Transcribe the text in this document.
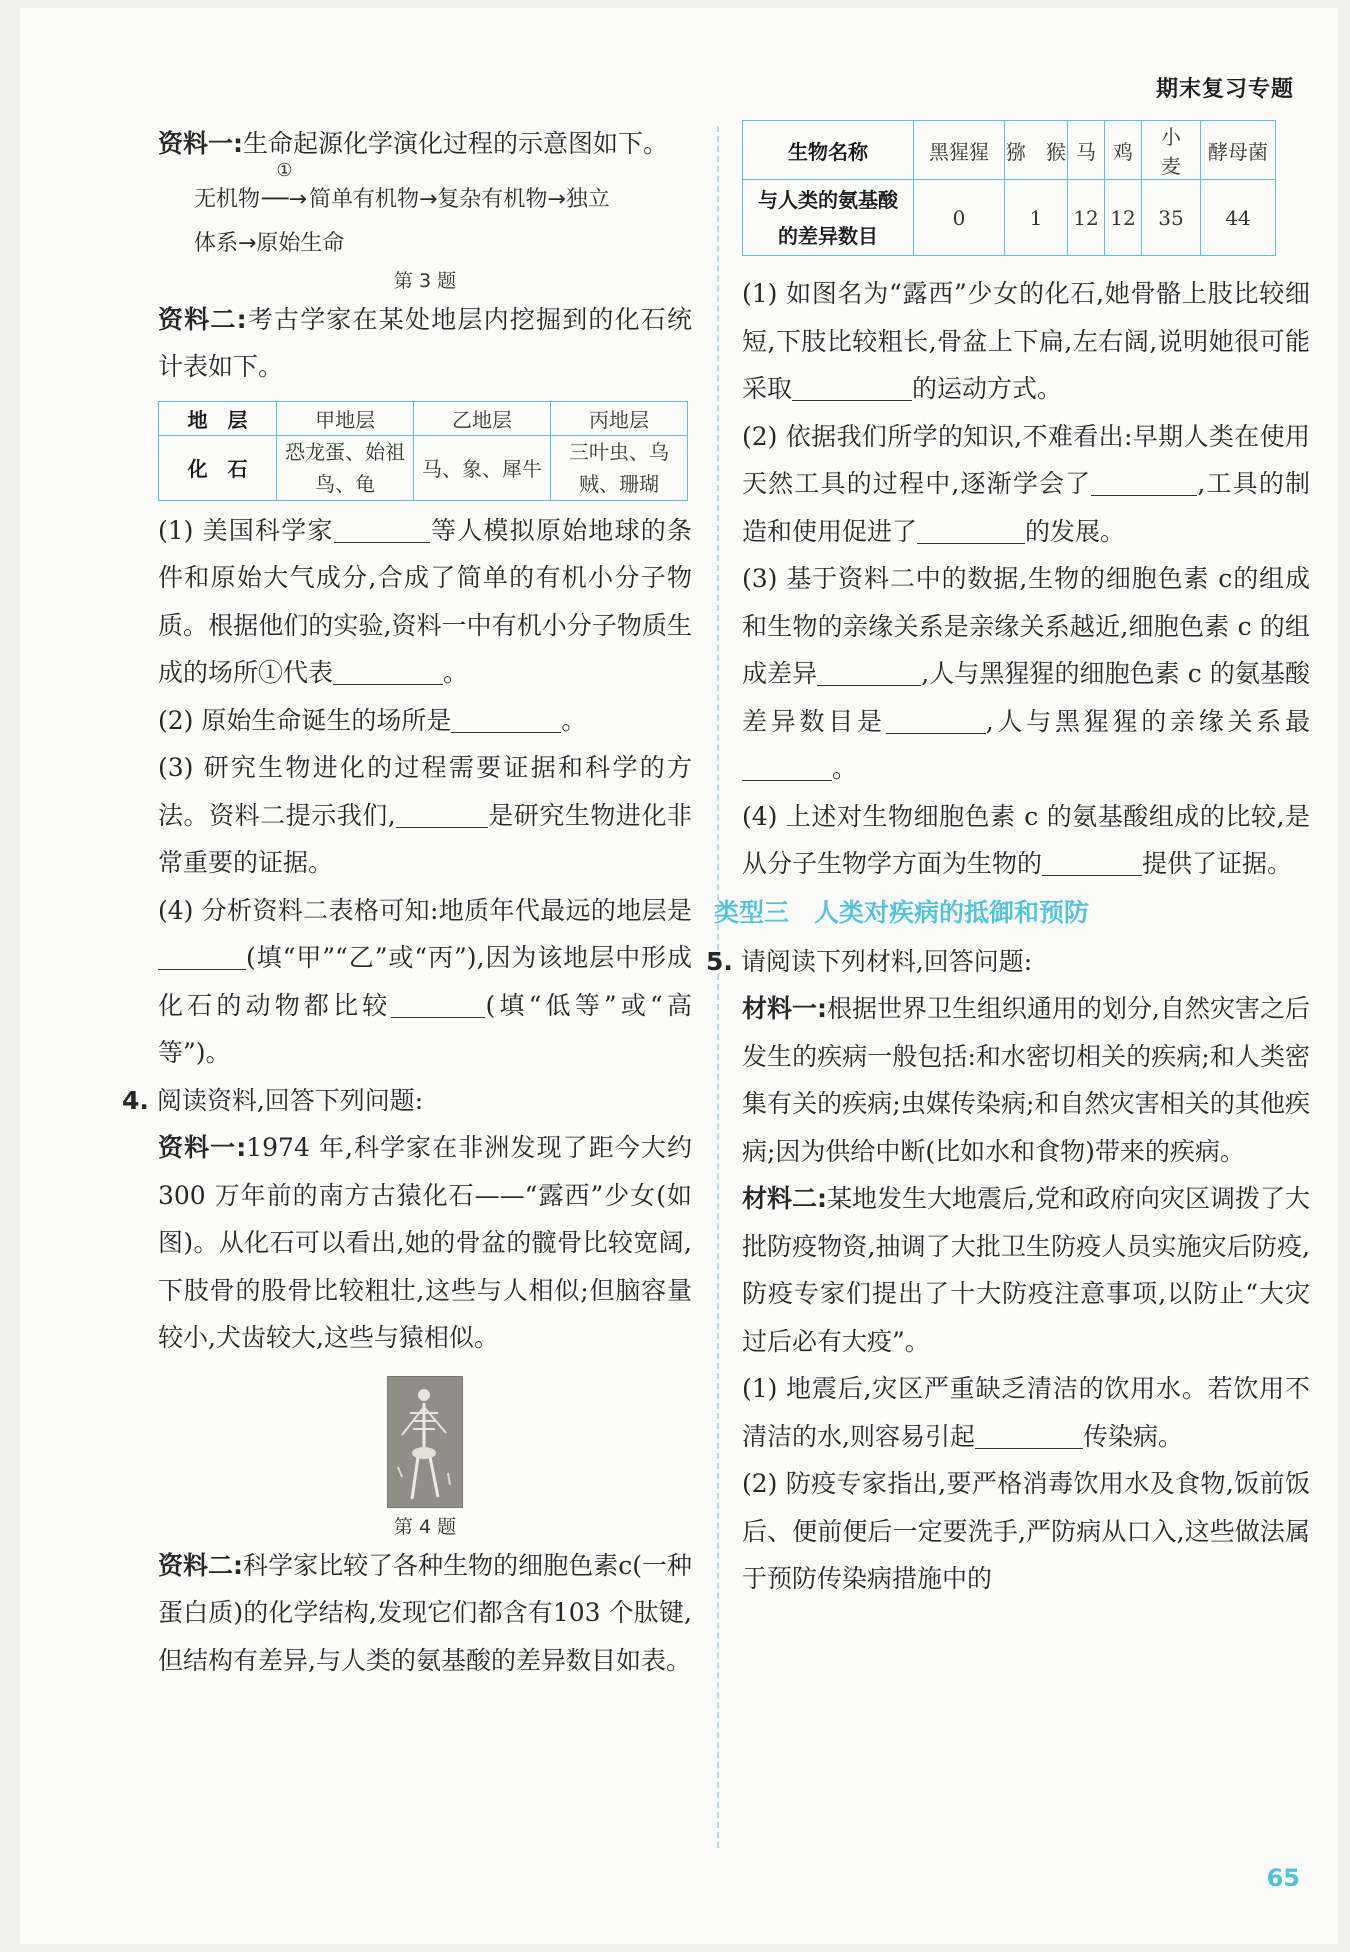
期末复习专题

资料一:生命起源化学演化过程的示意图如下。

无机物
①
──→简单有机物→复杂有机物→独立
体系→原始生命
第 3 题

资料二:考古学家在某处地层内挖掘到的化石统计表如下。

地　层	甲地层	乙地层	丙地层
化　石	恐龙蛋、始祖鸟、龟	马、象、犀牛	三叶虫、乌贼、珊瑚

(1) 美国科学家	等人模拟原始地球的条件和原始大气成分,合成了简单的有机小分子物质。根据他们的实验,资料一中有机小分子物质生成的场所①代表	。

(2) 原始生命诞生的场所是	。

(3) 研究生物进化的过程需要证据和科学的方法。资料二提示我们,	是研究生物进化非常重要的证据。

(4) 分析资料二表格可知:地质年代最远的地层是(填“甲”“乙”或“丙”),因为该地层中形成化石的动物都比较	(填“低等”或“高等”)。

4. 阅读资料,回答下列问题:

资料一:1974 年,科学家在非洲发现了距今大约 300 万年前的南方古猿化石——“露西”少女(如图)。从化石可以看出,她的骨盆的髋骨比较宽阔,下肢骨的股骨比较粗壮,这些与人相似;但脑容量较小,犬齿较大,这些与猿相似。

第 4 题

资料二:科学家比较了各种生物的细胞色素c(一种蛋白质)的化学结构,发现它们都含有103 个肽键,但结构有差异,与人类的氨基酸的差异数目如表。

生物名称	黑猩猩	猕　猴	马	鸡	小　麦	酵母菌
与人类的氨基酸的差异数目	0	1	12	12	35	44

(1) 如图名为“露西”少女的化石,她骨骼上肢比较细短,下肢比较粗长,骨盆上下扁,左右阔,说明她很可能采取	的运动方式。

(2) 依据我们所学的知识,不难看出:早期人类在使用天然工具的过程中,逐渐学会了	,工具的制造和使用促进了	的发展。

(3) 基于资料二中的数据,生物的细胞色素 c的组成和生物的亲缘关系是亲缘关系越近,细胞色素 c 的组成差异	,人与黑猩猩的细胞色素 c 的氨基酸差异数目是	,人与黑猩猩的亲缘关系最。

(4) 上述对生物细胞色素 c 的氨基酸组成的比较,是从分子生物学方面为生物的	提供了证据。

类型三　人类对疾病的抵御和预防

5. 请阅读下列材料,回答问题:

材料一:根据世界卫生组织通用的划分,自然灾害之后发生的疾病一般包括:和水密切相关的疾病;和人类密集有关的疾病;虫媒传染病;和自然灾害相关的其他疾病;因为供给中断(比如水和食物)带来的疾病。

材料二:某地发生大地震后,党和政府向灾区调拨了大批防疫物资,抽调了大批卫生防疫人员实施灾后防疫,防疫专家们提出了十大防疫注意事项,以防止“大灾过后必有大疫”。

(1) 地震后,灾区严重缺乏清洁的饮用水。若饮用不清洁的水,则容易引起	传染病。

(2) 防疫专家指出,要严格消毒饮用水及食物,饭前饭后、便前便后一定要洗手,严防病从口入,这些做法属于预防传染病措施中的

65
